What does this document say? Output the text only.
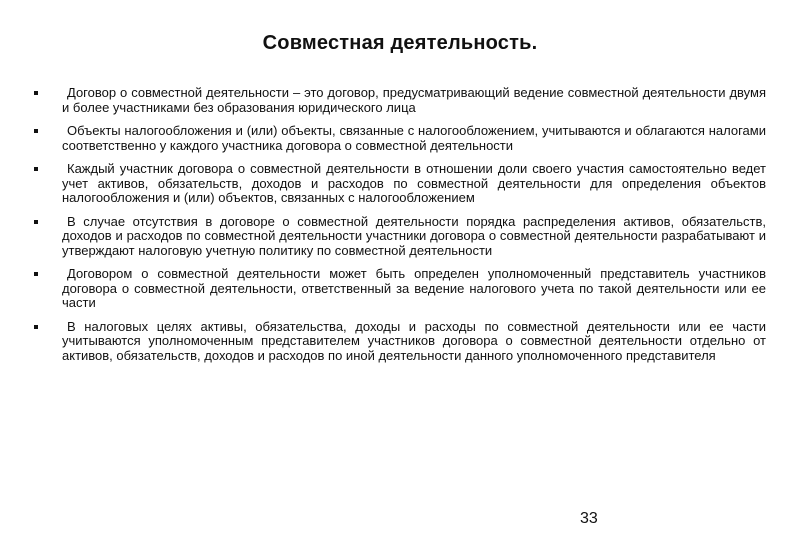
Совместная деятельность.
Договор о совместной деятельности – это договор, предусматривающий ведение совместной деятельности двумя и более участниками без образования юридического лица
Объекты налогообложения и (или) объекты, связанные с налогообложением, учитываются и облагаются налогами соответственно у каждого участника договора о совместной деятельности
Каждый участник договора о совместной деятельности в отношении доли своего участия самостоятельно ведет учет активов, обязательств, доходов и расходов по совместной деятельности для определения объектов налогообложения и (или) объектов, связанных с налогообложением
В случае отсутствия в договоре о совместной деятельности порядка распределения активов, обязательств, доходов и расходов по совместной деятельности участники договора о совместной деятельности разрабатывают и утверждают налоговую учетную политику по совместной деятельности
Договором о совместной деятельности может быть определен уполномоченный представитель участников договора о совместной деятельности, ответственный за ведение налогового учета по такой деятельности или ее части
В налоговых целях активы, обязательства, доходы и расходы по совместной деятельности или ее части учитываются уполномоченным представителем участников договора о совместной деятельности отдельно от активов, обязательств, доходов и расходов по иной деятельности данного уполномоченного представителя
33
